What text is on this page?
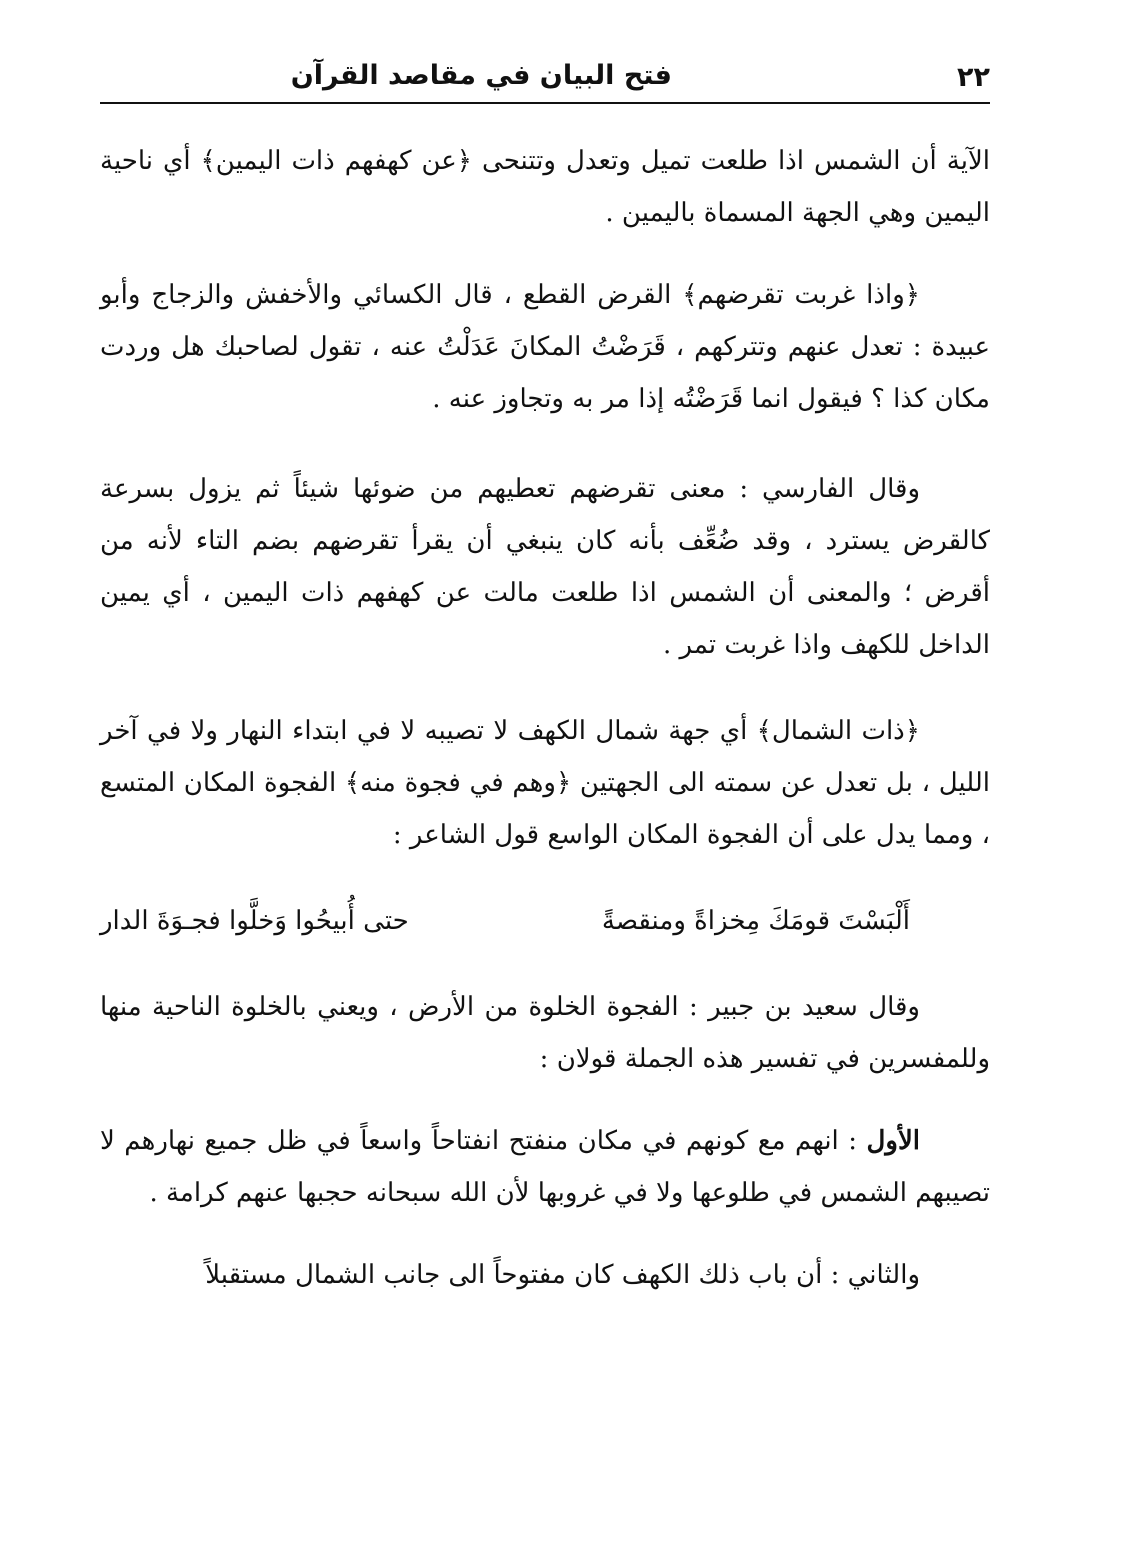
٢٢
فتح البيان في مقاصد القرآن

الآية أن الشمس اذا طلعت تميل وتعدل وتتنحى ﴿عن كهفهم ذات اليمين﴾ أي ناحية اليمين وهي الجهة المسماة باليمين .

﴿واذا غربت تقرضهم﴾ القرض القطع ، قال الكسائي والأخفش والزجاج وأبو عبيدة : تعدل عنهم وتتركهم ، قَرَضْتُ المكانَ عَدَلْتُ عنه ، تقول لصاحبك هل وردت مكان كذا ؟ فيقول انما قَرَضْتُه إذا مر به وتجاوز عنه .

وقال الفارسي : معنى تقرضهم تعطيهم من ضوئها شيئاً ثم يزول بسرعة كالقرض يسترد ، وقد ضُعِّف بأنه كان ينبغي أن يقرأ تقرضهم بضم التاء لأنه من أقرض ؛ والمعنى أن الشمس اذا طلعت مالت عن كهفهم ذات اليمين ، أي يمين الداخل للكهف واذا غربت تمر .

﴿ذات الشمال﴾ أي جهة شمال الكهف لا تصيبه لا في ابتداء النهار ولا في آخر الليل ، بل تعدل عن سمته الى الجهتين ﴿وهم في فجوة منه﴾ الفجوة المكان المتسع ، ومما يدل على أن الفجوة المكان الواسع قول الشاعر :

أَلْبَسْتَ قومَكَ مِخزاةً ومنقصةً
حتى أُبيحُوا وَخلَّوا فجـوَةَ الدار

وقال سعيد بن جبير : الفجوة الخلوة من الأرض ، ويعني بالخلوة الناحية منها وللمفسرين في تفسير هذه الجملة قولان :

الأول : انهم مع كونهم في مكان منفتح انفتاحاً واسعاً في ظل جميع نهارهم لا تصيبهم الشمس في طلوعها ولا في غروبها لأن الله سبحانه حجبها عنهم كرامة .

والثاني : أن باب ذلك الكهف كان مفتوحاً الى جانب الشمال مستقبلاً
